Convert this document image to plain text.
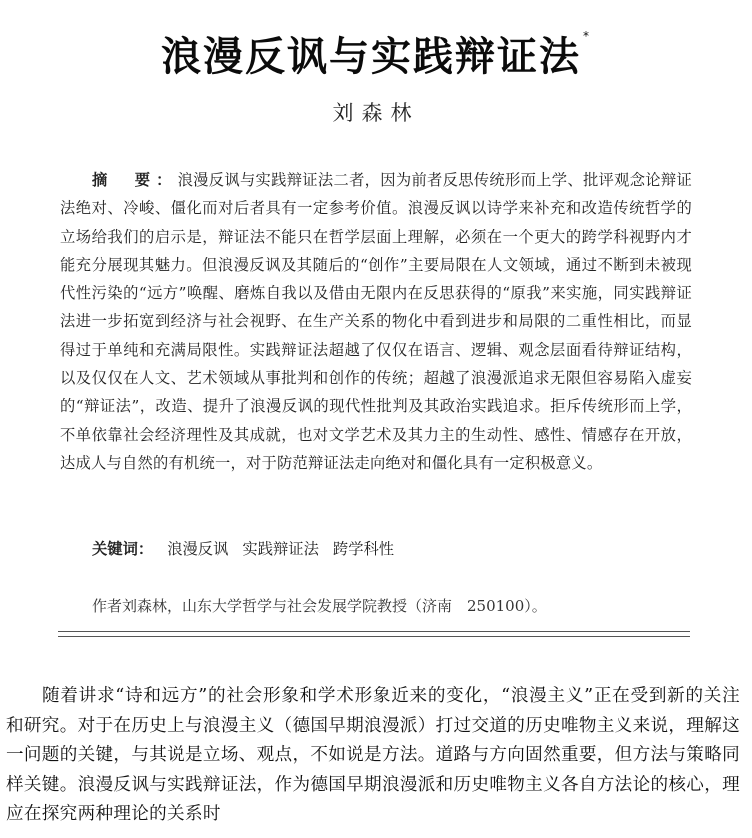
浪漫反讽与实践辩证法 *
刘森林
摘　要：浪漫反讽与实践辩证法二者，因为前者反思传统形而上学、批评观念论辩证法绝对、冷峻、僵化而对后者具有一定参考价值。浪漫反讽以诗学来补充和改造传统哲学的立场给我们的启示是，辩证法不能只在哲学层面上理解，必须在一个更大的跨学科视野内才能充分展现其魅力。但浪漫反讽及其随后的“创作”主要局限在人文领域，通过不断到未被现代性污染的“远方”唤醒、磨炼自我以及借由无限内在反思获得的“原我”来实施，同实践辩证法进一步拓宽到经济与社会视野、在生产关系的物化中看到进步和局限的二重性相比，而显得过于单纯和充满局限性。实践辩证法超越了仅仅在语言、逻辑、观念层面看待辩证结构，以及仅仅在人文、艺术领域从事批判和创作的传统；超越了浪漫派追求无限但容易陷入虚妄的“辩证法”，改造、提升了浪漫反讽的现代性批判及其政治实践追求。拒斥传统形而上学，不单依靠社会经济理性及其成就，也对文学艺术及其力主的生动性、感性、情感存在开放，达成人与自然的有机统一，对于防范辩证法走向绝对和僵化具有一定积极意义。
关键词： 浪漫反讽 实践辩证法 跨学科性
作者刘森林，山东大学哲学与社会发展学院教授（济南　250100）。
随着讲求“诗和远方”的社会形象和学术形象近来的变化，“浪漫主义”正在受到新的关注和研究。对于在历史上与浪漫主义（德国早期浪漫派）打过交道的历史唯物主义来说，理解这一问题的关键，与其说是立场、观点，不如说是方法。道路与方向固然重要，但方法与策略同样关键。浪漫反讽与实践辩证法，作为德国早期浪漫派和历史唯物主义各自方法论的核心，理应在探究两种理论的关系时
